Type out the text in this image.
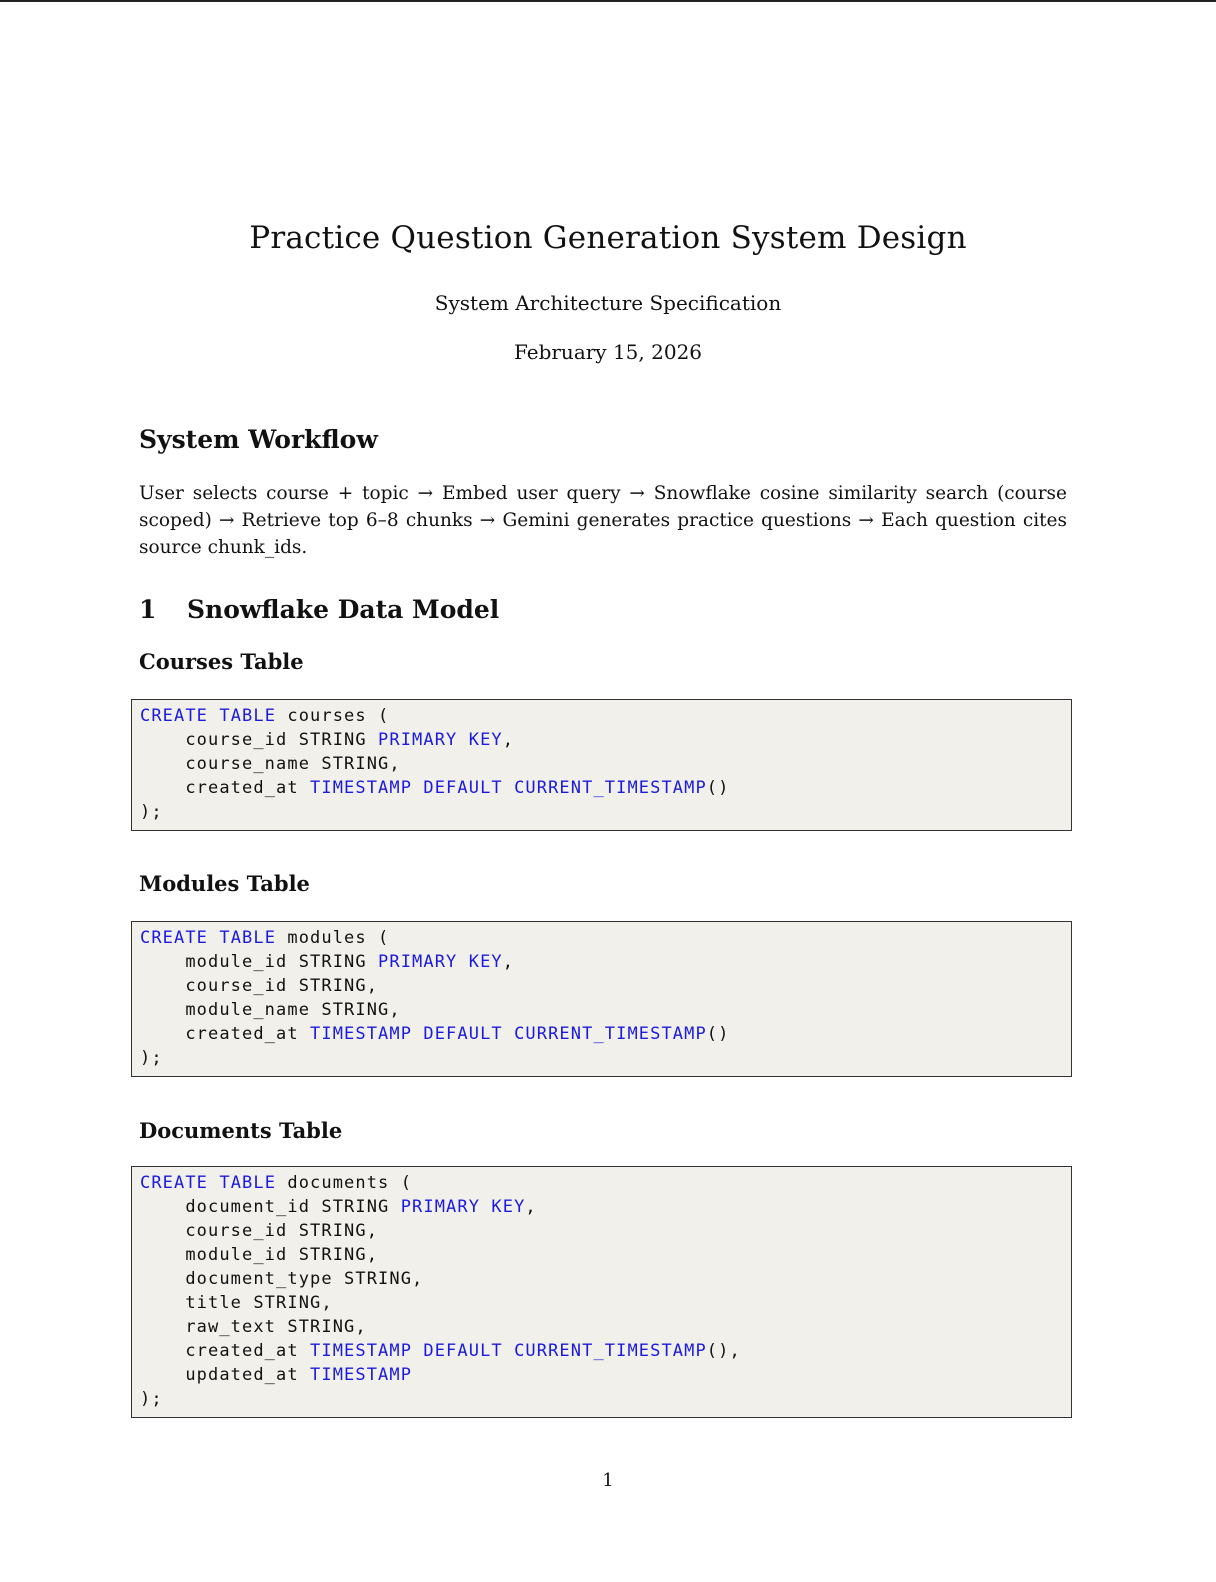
Practice Question Generation System Design
System Architecture Specification
February 15, 2026
System Workflow

User selects course + topic → Embed user query → Snowflake cosine similarity search (course scoped) → Retrieve top 6–8 chunks → Gemini generates practice questions → Each question cites source chunk_ids.

1 Snowflake Data Model
Courses Table
CREATE TABLE courses (
course_id STRING PRIMARY KEY,
course_name STRING,
created_at TIMESTAMP DEFAULT CURRENT_TIMESTAMP()
);
Modules Table
CREATE TABLE modules (
module_id STRING PRIMARY KEY,
course_id STRING,
module_name STRING,
created_at TIMESTAMP DEFAULT CURRENT_TIMESTAMP()
);
Documents Table
CREATE TABLE documents (
document_id STRING PRIMARY KEY,
course_id STRING,
module_id STRING,
document_type STRING,
title STRING,
raw_text STRING,
created_at TIMESTAMP DEFAULT CURRENT_TIMESTAMP(),
updated_at TIMESTAMP
);
1
